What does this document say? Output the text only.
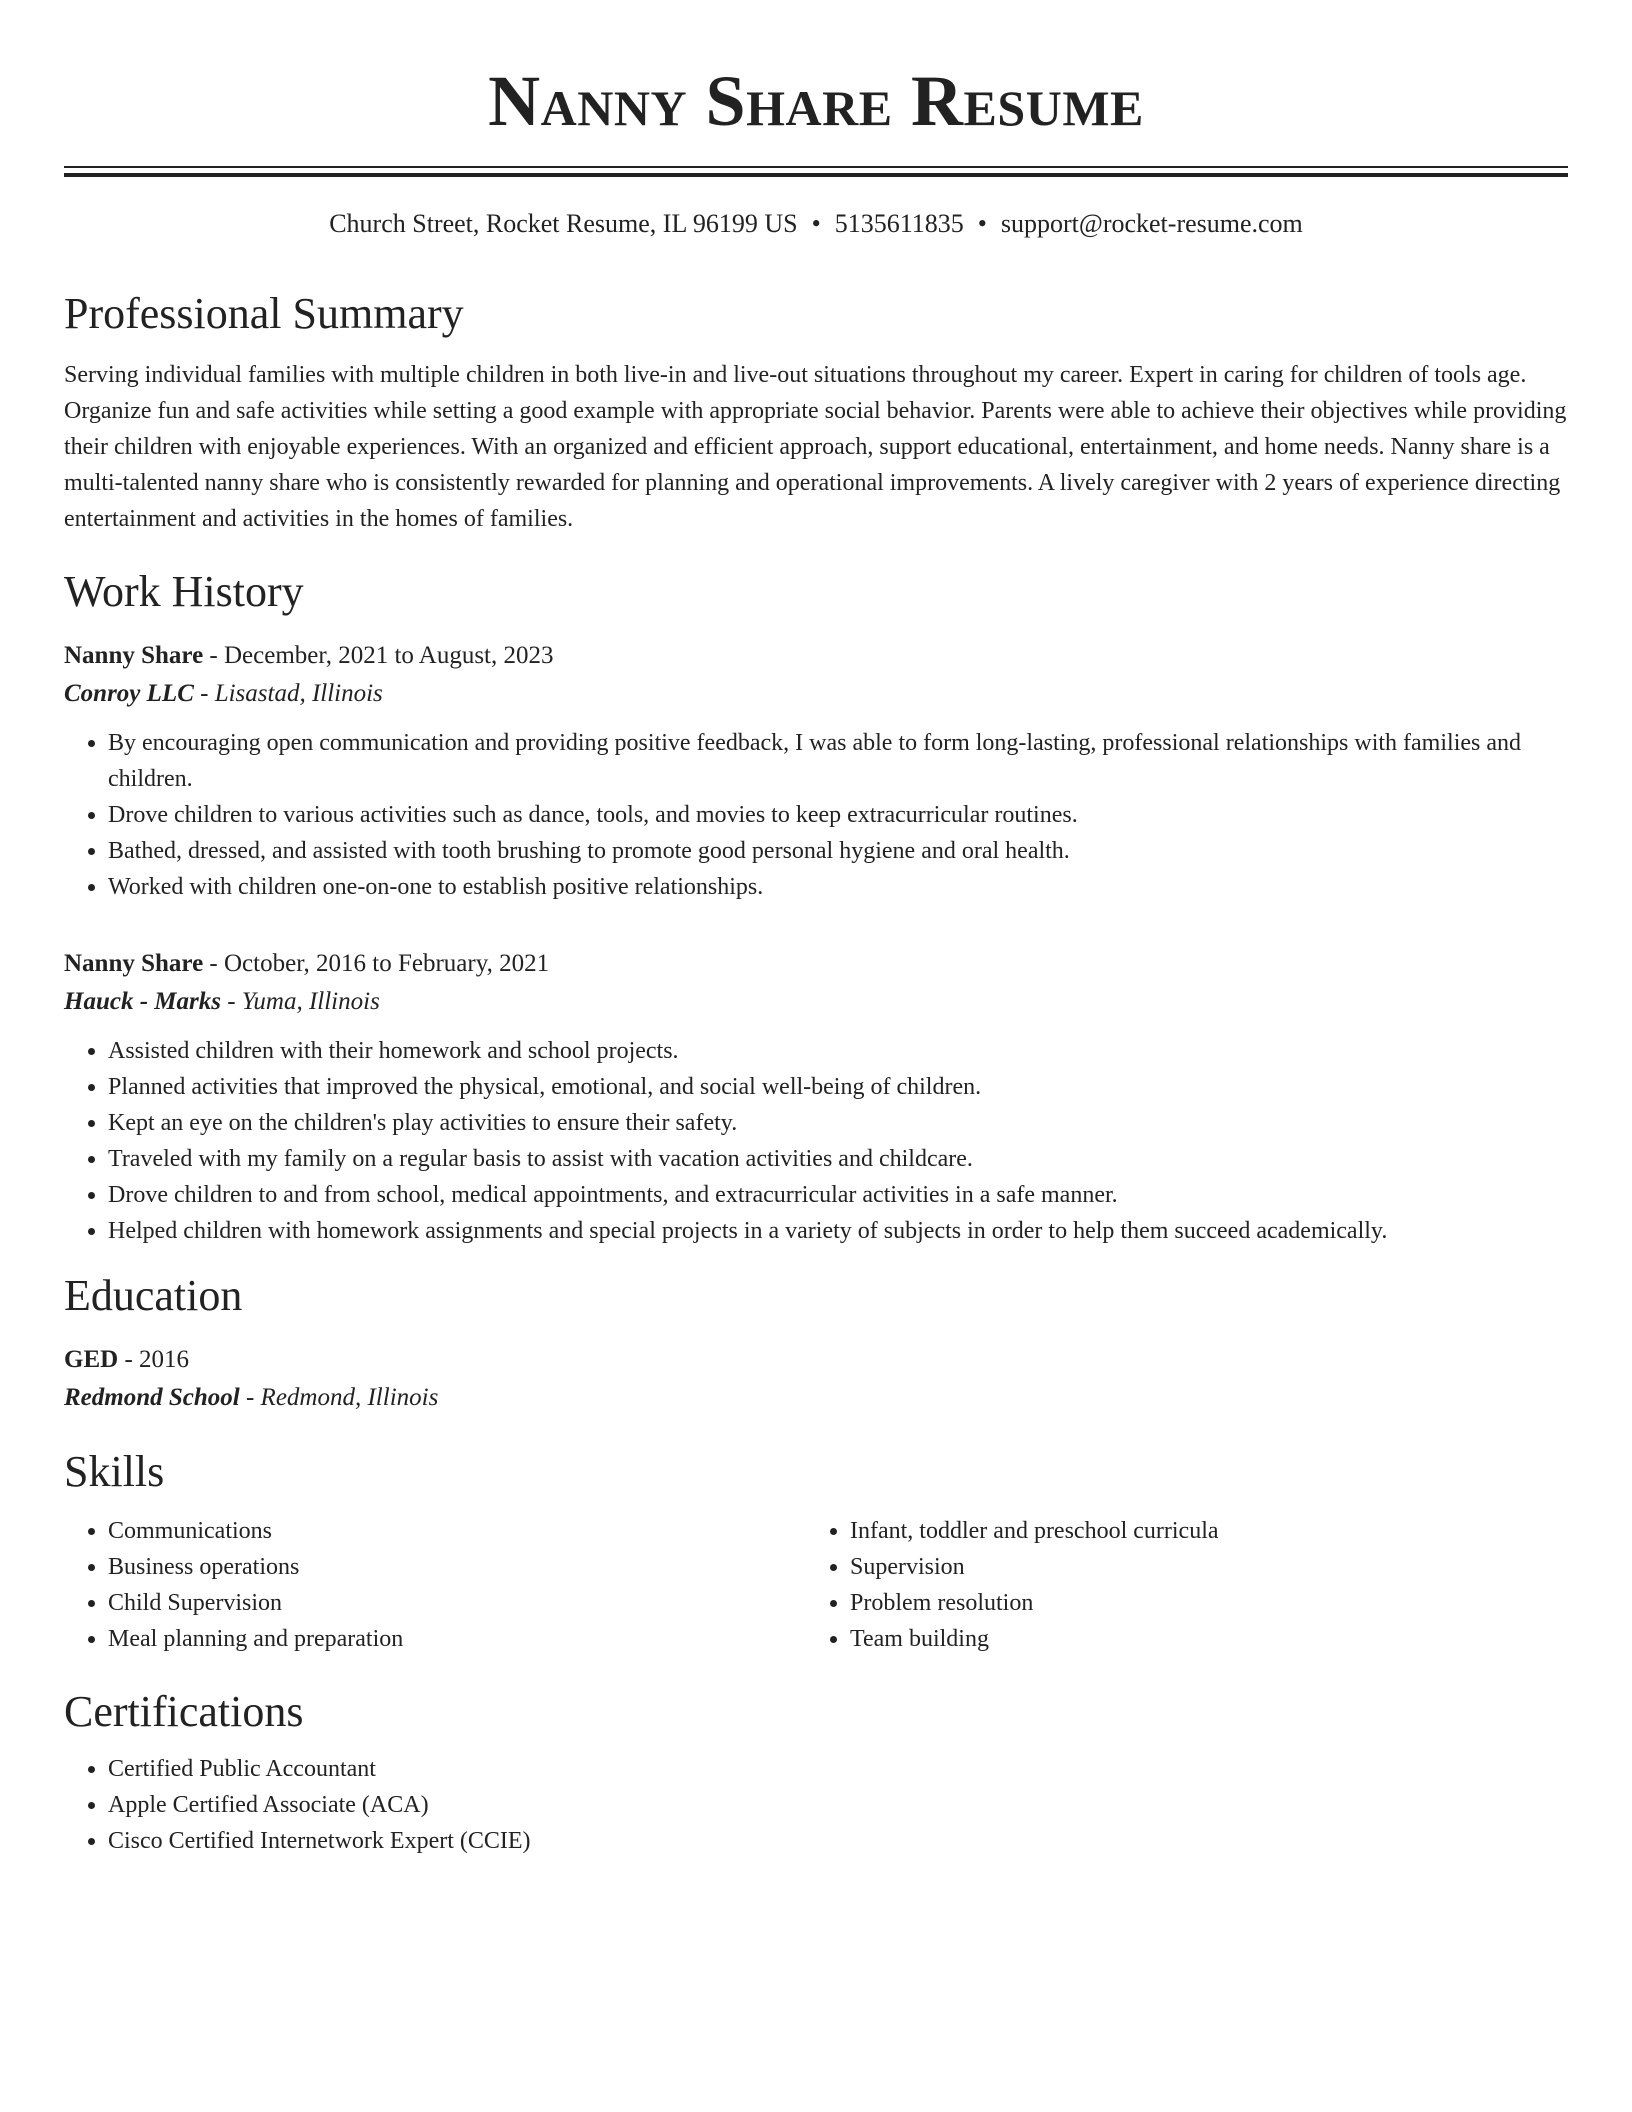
Nanny Share Resume
Church Street, Rocket Resume, IL 96199 US • 5135611835 • support@rocket-resume.com
Professional Summary

Serving individual families with multiple children in both live-in and live-out situations throughout my career. Expert in caring for children of tools age. Organize fun and safe activities while setting a good example with appropriate social behavior. Parents were able to achieve their objectives while providing their children with enjoyable experiences. With an organized and efficient approach, support educational, entertainment, and home needs. Nanny share is a multi-talented nanny share who is consistently rewarded for planning and operational improvements. A lively caregiver with 2 years of experience directing entertainment and activities in the homes of families.

Work History
Nanny Share - December, 2021 to August, 2023
Conroy LLC - Lisastad, Illinois
• By encouraging open communication and providing positive feedback, I was able to form long-lasting, professional relationships with families and children.
• Drove children to various activities such as dance, tools, and movies to keep extracurricular routines.
• Bathed, dressed, and assisted with tooth brushing to promote good personal hygiene and oral health.
• Worked with children one-on-one to establish positive relationships.
Nanny Share - October, 2016 to February, 2021
Hauck - Marks - Yuma, Illinois
• Assisted children with their homework and school projects.
• Planned activities that improved the physical, emotional, and social well-being of children.
• Kept an eye on the children's play activities to ensure their safety.
• Traveled with my family on a regular basis to assist with vacation activities and childcare.
• Drove children to and from school, medical appointments, and extracurricular activities in a safe manner.
• Helped children with homework assignments and special projects in a variety of subjects in order to help them succeed academically.
Education
GED - 2016
Redmond School - Redmond, Illinois
Skills
• Communications
• Business operations
• Child Supervision
• Meal planning and preparation
• Infant, toddler and preschool curricula
• Supervision
• Problem resolution
• Team building
Certifications
• Certified Public Accountant
• Apple Certified Associate (ACA)
• Cisco Certified Internetwork Expert (CCIE)
